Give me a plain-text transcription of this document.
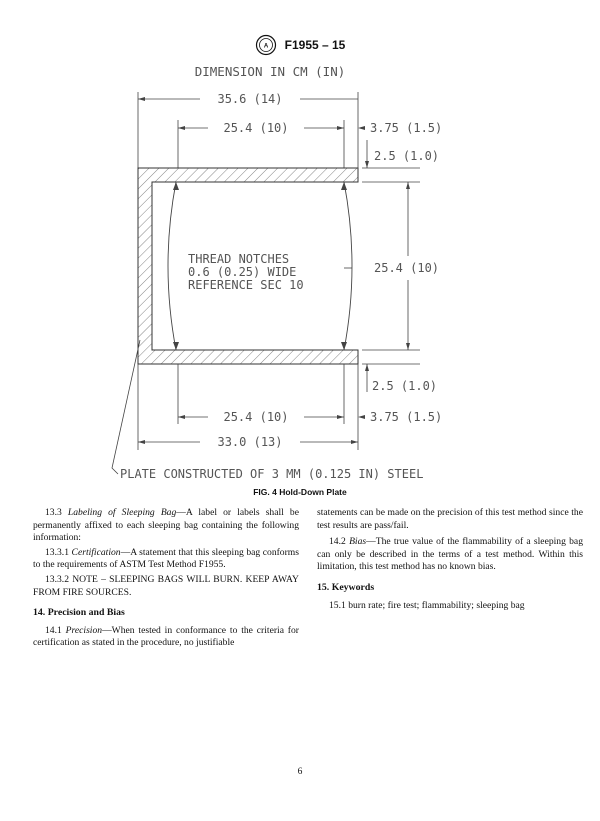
A F1955 – 15
DIMENSION IN CM (IN)
35.6 (14)
25.4 (10)	3.75 (1.5)
THREAD NOTCHES
0.6 (0.25) WIDE
REFERENCE SEC 10
2.5 (1.0)
25.4 (10)
2.5 (1.0)
25.4 (10)	3.75 (1.5)
33.0 (13)
PLATE CONSTRUCTED OF 3 MM (0.125 IN) STEEL
FIG. 4 Hold-Down Plate

13.3 Labeling of Sleeping Bag—A label or labels shall be permanently affixed to each sleeping bag containing the following information:

13.3.1 Certification—A statement that this sleeping bag conforms to the requirements of ASTM Test Method F1955.

13.3.2 NOTE – SLEEPING BAGS WILL BURN. KEEP AWAY FROM FIRE SOURCES.

14. Precision and Bias

14.1 Precision—When tested in conformance to the criteria for certification as stated in the procedure, no justifiable

statements can be made on the precision of this test method since the test results are pass/fail.

14.2 Bias—The true value of the flammability of a sleeping bag can only be described in the terms of a test method. Within this limitation, this test method has no known bias.

15. Keywords

15.1 burn rate; fire test; flammability; sleeping bag

6
